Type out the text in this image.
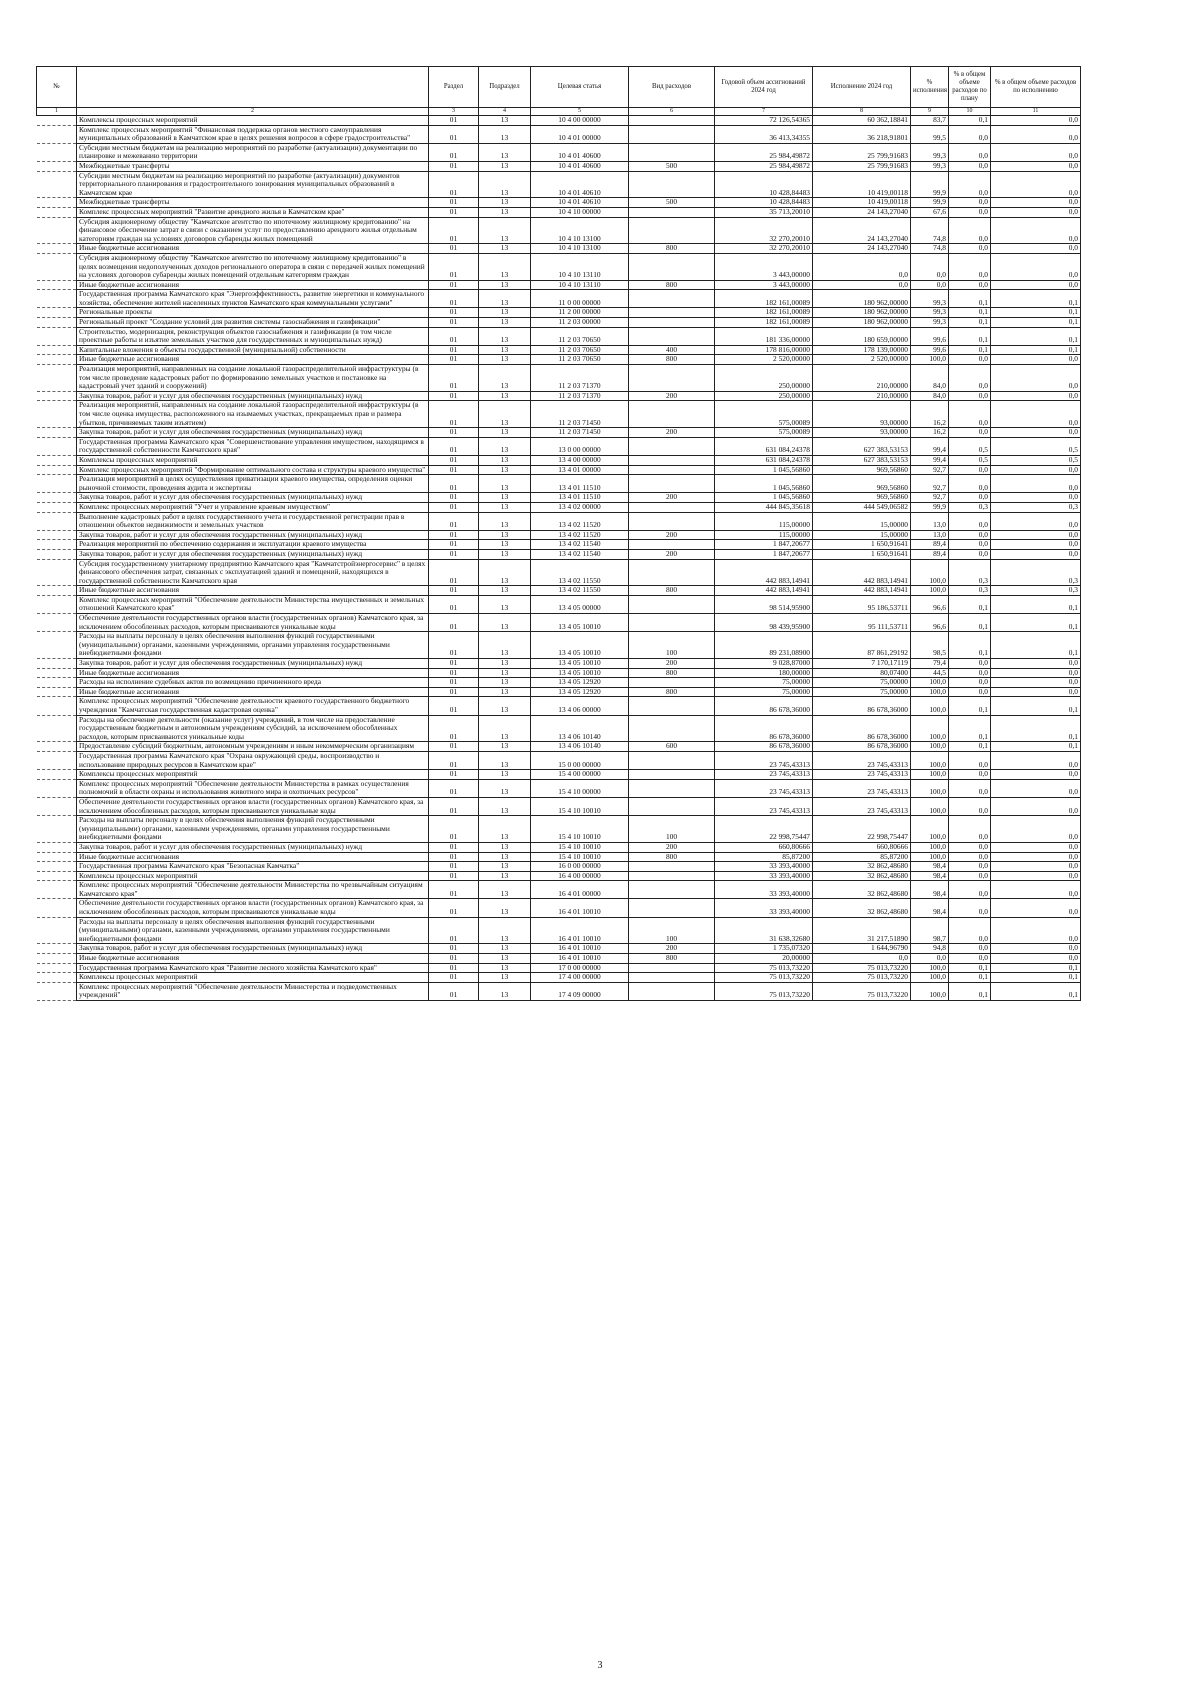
№		Раздел	Подраздел	Целевая статья	Вид расходов	Годовой объем ассигнований 2024 год	Исполнение 2024 год	% исполнения	% в общем объеме расходов по плану	% в общем объеме расходов по исполнению
1	2	3	4	5	6	7	8	9	10	11
	Комплексы процессных мероприятий	01	13	10 4 00 00000		72 126,54365	60 362,18841	83,7	0,1	0,0
	Комплекс процессных мероприятий "Финансовая поддержка органов местного самоуправления муниципальных образований в Камчатском крае в целях решения вопросов в сфере градостроительства"	01	13	10 4 01 00000		36 413,34355	36 218,91801	99,5	0,0	0,0
	Субсидии местным бюджетам на реализацию мероприятий по разработке (актуализации) документации по планировке и межеванию территории	01	13	10 4 01 40600		25 984,49872	25 799,91683	99,3	0,0	0,0
	Межбюджетные трансферты	01	13	10 4 01 40600	500	25 984,49872	25 799,91683	99,3	0,0	0,0
	Субсидии местным бюджетам на реализацию мероприятий по разработке (актуализации) документов территориального планирования и градостроительного зонирования муниципальных образований в Камчатском крае	01	13	10 4 01 40610		10 428,84483	10 419,00118	99,9	0,0	0,0
	Межбюджетные трансферты	01	13	10 4 01 40610	500	10 428,84483	10 419,00118	99,9	0,0	0,0
	Комплекс процессных мероприятий "Развитие арендного жилья в Камчатском крае"	01	13	10 4 10 00000		35 713,20010	24 143,27040	67,6	0,0	0,0
	Субсидия акционерному обществу "Камчатское агентство по ипотечному жилищному кредитованию" на финансовое обеспечение затрат в связи с оказанием услуг по предоставлению арендного жилья отдельным категориям граждан на условиях договоров субаренды жилых помещений	01	13	10 4 10 13100		32 270,20010	24 143,27040	74,8	0,0	0,0
	Иные бюджетные ассигнования	01	13	10 4 10 13100	800	32 270,20010	24 143,27040	74,8	0,0	0,0
	Субсидия акционерному обществу "Камчатское агентство по ипотечному жилищному кредитованию" в целях возмещения недополученных доходов регионального оператора в связи с передачей жилых помещений на условиях договоров субаренды жилых помещений отдельным категориям граждан	01	13	10 4 10 13110		3 443,00000	0,0	0,0	0,0	0,0
	Иные бюджетные ассигнования	01	13	10 4 10 13110	800	3 443,00000	0,0	0,0	0,0	0,0
	Государственная программа Камчатского края "Энергоэффективность, развитие энергетики и коммунального хозяйства, обеспечение жителей населенных пунктов Камчатского края коммунальными услугами"	01	13	11 0 00 00000		182 161,00089	180 962,00000	99,3	0,1	0,1
	Региональные проекты	01	13	11 2 00 00000		182 161,00089	180 962,00000	99,3	0,1	0,1
	Региональный проект "Создание условий для развития системы газоснабжения и газификации"	01	13	11 2 03 00000		182 161,00089	180 962,00000	99,3	0,1	0,1
	Строительство, модернизация, реконструкция объектов газоснабжения и газификации (в том числе проектные работы и изъятие земельных участков для государственных и муниципальных нужд)	01	13	11 2 03 70650		181 336,00000	180 659,00000	99,6	0,1	0,1
	Капитальные вложения в объекты государственной (муниципальной) собственности	01	13	11 2 03 70650	400	178 816,00000	178 139,00000	99,6	0,1	0,1
	Иные бюджетные ассигнования	01	13	11 2 03 70650	800	2 520,00000	2 520,00000	100,0	0,0	0,0
	Реализация мероприятий, направленных на создание локальной газораспределительной инфраструктуры (в том числе проведение кадастровых работ по формированию земельных участков и постановке на кадастровый учет зданий и сооружений)	01	13	11 2 03 71370		250,00000	210,00000	84,0	0,0	0,0
	Закупка товаров, работ и услуг для обеспечения государственных (муниципальных) нужд	01	13	11 2 03 71370	200	250,00000	210,00000	84,0	0,0	0,0
	Реализация мероприятий, направленных на создание локальной газораспределительной инфраструктуры (в том числе оценка имущества, расположенного на изымаемых участках, прекращаемых прав и размера убытков, причиняемых таким изъятием)	01	13	11 2 03 71450		575,00089	93,00000	16,2	0,0	0,0
	Закупка товаров, работ и услуг для обеспечения государственных (муниципальных) нужд	01	13	11 2 03 71450	200	575,00089	93,00000	16,2	0,0	0,0
	Государственная программа Камчатского края "Совершенствование управления имуществом, находящимся в государственной собственности Камчатского края"	01	13	13 0 00 00000		631 084,24378	627 383,53153	99,4	0,5	0,5
	Комплексы процессных мероприятий	01	13	13 4 00 00000		631 084,24378	627 383,53153	99,4	0,5	0,5
	Комплекс процессных мероприятий "Формирование оптимального состава и структуры краевого имущества"	01	13	13 4 01 00000		1 045,56860	969,56860	92,7	0,0	0,0
	Реализация мероприятий в целях осуществления приватизации краевого имущества, определения оценки рыночной стоимости, проведения аудита и экспертизы	01	13	13 4 01 11510		1 045,56860	969,56860	92,7	0,0	0,0
	Закупка товаров, работ и услуг для обеспечения государственных (муниципальных) нужд	01	13	13 4 01 11510	200	1 045,56860	969,56860	92,7	0,0	0,0
	Комплекс процессных мероприятий "Учет и управление краевым имуществом"	01	13	13 4 02 00000		444 845,35618	444 549,06582	99,9	0,3	0,3
	Выполнение кадастровых работ в целях государственного учета и государственной регистрации прав в отношении объектов недвижимости и земельных участков	01	13	13 4 02 11520		115,00000	15,00000	13,0	0,0	0,0
	Закупка товаров, работ и услуг для обеспечения государственных (муниципальных) нужд	01	13	13 4 02 11520	200	115,00000	15,00000	13,0	0,0	0,0
	Реализация мероприятий по обеспечению содержания и эксплуатации краевого имущества	01	13	13 4 02 11540		1 847,20677	1 650,91641	89,4	0,0	0,0
	Закупка товаров, работ и услуг для обеспечения государственных (муниципальных) нужд	01	13	13 4 02 11540	200	1 847,20677	1 650,91641	89,4	0,0	0,0
	Субсидия государственному унитарному предприятию Камчатского края "Камчатстройэнергосервис" в целях финансового обеспечения затрат, связанных с эксплуатацией зданий и помещений, находящихся в государственной собственности Камчатского края	01	13	13 4 02 11550		442 883,14941	442 883,14941	100,0	0,3	0,3
	Иные бюджетные ассигнования	01	13	13 4 02 11550	800	442 883,14941	442 883,14941	100,0	0,3	0,3
	Комплекс процессных мероприятий "Обеспечение деятельности Министерства имущественных и земельных отношений Камчатского края"	01	13	13 4 05 00000		98 514,95900	95 186,53711	96,6	0,1	0,1
	Обеспечение деятельности государственных органов власти (государственных органов) Камчатского края, за исключением обособленных расходов, которым присваиваются уникальные коды	01	13	13 4 05 10010		98 439,95900	95 111,53711	96,6	0,1	0,1
	Расходы на выплаты персоналу в целях обеспечения выполнения функций государственными (муниципальными) органами, казенными учреждениями, органами управления государственными внебюджетными фондами	01	13	13 4 05 10010	100	89 231,08900	87 861,29192	98,5	0,1	0,1
	Закупка товаров, работ и услуг для обеспечения государственных (муниципальных) нужд	01	13	13 4 05 10010	200	9 028,87000	7 170,17119	79,4	0,0	0,0
	Иные бюджетные ассигнования	01	13	13 4 05 10010	800	180,00000	80,07400	44,5	0,0	0,0
	Расходы на исполнение судебных актов по возмещению причиненного вреда	01	13	13 4 05 12920		75,00000	75,00000	100,0	0,0	0,0
	Иные бюджетные ассигнования	01	13	13 4 05 12920	800	75,00000	75,00000	100,0	0,0	0,0
	Комплекс процессных мероприятий "Обеспечение деятельности краевого государственного бюджетного учреждения "Камчатская государственная кадастровая оценка"	01	13	13 4 06 00000		86 678,36000	86 678,36000	100,0	0,1	0,1
	Расходы на обеспечение деятельности (оказание услуг) учреждений, в том числе на предоставление государственным бюджетным и автономным учреждениям субсидий, за исключением обособленных расходов, которым присваиваются уникальные коды	01	13	13 4 06 10140		86 678,36000	86 678,36000	100,0	0,1	0,1
	Предоставление субсидий бюджетным, автономным учреждениям и иным некоммерческим организациям	01	13	13 4 06 10140	600	86 678,36000	86 678,36000	100,0	0,1	0,1
	Государственная программа Камчатского края "Охрана окружающей среды, воспроизводство и использование природных ресурсов в Камчатском крае"	01	13	15 0 00 00000		23 745,43313	23 745,43313	100,0	0,0	0,0
	Комплексы процессных мероприятий	01	13	15 4 00 00000		23 745,43313	23 745,43313	100,0	0,0	0,0
	Комплекс процессных мероприятий "Обеспечение деятельности Министерства в рамках осуществления полномочий в области охраны и использования животного мира и охотничьих ресурсов"	01	13	15 4 10 00000		23 745,43313	23 745,43313	100,0	0,0	0,0
	Обеспечение деятельности государственных органов власти (государственных органов) Камчатского края, за исключением обособленных расходов, которым присваиваются уникальные коды	01	13	15 4 10 10010		23 745,43313	23 745,43313	100,0	0,0	0,0
	Расходы на выплаты персоналу в целях обеспечения выполнения функций государственными (муниципальными) органами, казенными учреждениями, органами управления государственными внебюджетными фондами	01	13	15 4 10 10010	100	22 998,75447	22 998,75447	100,0	0,0	0,0
	Закупка товаров, работ и услуг для обеспечения государственных (муниципальных) нужд	01	13	15 4 10 10010	200	660,80666	660,80666	100,0	0,0	0,0
	Иные бюджетные ассигнования	01	13	15 4 10 10010	800	85,87200	85,87200	100,0	0,0	0,0
	Государственная программа Камчатского края "Безопасная Камчатка"	01	13	16 0 00 00000		33 393,40000	32 862,48680	98,4	0,0	0,0
	Комплексы процессных мероприятий	01	13	16 4 00 00000		33 393,40000	32 862,48680	98,4	0,0	0,0
	Комплекс процессных мероприятий "Обеспечение деятельности Министерства по чрезвычайным ситуациям Камчатского края"	01	13	16 4 01 00000		33 393,40000	32 862,48680	98,4	0,0	0,0
	Обеспечение деятельности государственных органов власти (государственных органов) Камчатского края, за исключением обособленных расходов, которым присваиваются уникальные коды	01	13	16 4 01 10010		33 393,40000	32 862,48680	98,4	0,0	0,0
	Расходы на выплаты персоналу в целях обеспечения выполнения функций государственными (муниципальными) органами, казенными учреждениями, органами управления государственными внебюджетными фондами	01	13	16 4 01 10010	100	31 638,32680	31 217,51890	98,7	0,0	0,0
	Закупка товаров, работ и услуг для обеспечения государственных (муниципальных) нужд	01	13	16 4 01 10010	200	1 735,07320	1 644,96790	94,8	0,0	0,0
	Иные бюджетные ассигнования	01	13	16 4 01 10010	800	20,00000	0,0	0,0	0,0	0,0
	Государственная программа Камчатского края "Развитие лесного хозяйства Камчатского края"	01	13	17 0 00 00000		75 013,73220	75 013,73220	100,0	0,1	0,1
	Комплексы процессных мероприятий	01	13	17 4 00 00000		75 013,73220	75 013,73220	100,0	0,1	0,1
	Комплекс процессных мероприятий "Обеспечение деятельности Министерства и подведомственных учреждений"	01	13	17 4 09 00000		75 013,73220	75 013,73220	100,0	0,1	0,1
3
